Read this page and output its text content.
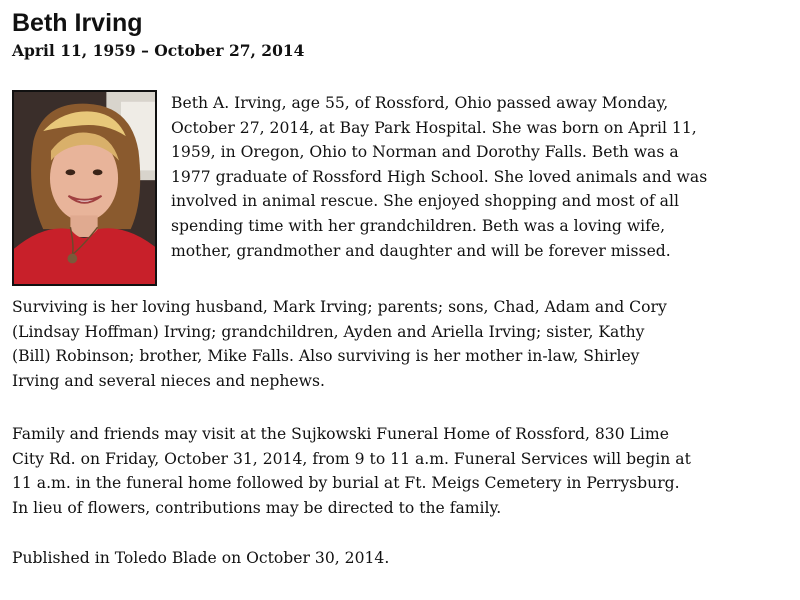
Beth Irving
April 11, 1959 – October 27, 2014
Beth A. Irving, age 55, of Rossford, Ohio passed away Monday,
October 27, 2014, at Bay Park Hospital. She was born on April 11,
1959, in Oregon, Ohio to Norman and Dorothy Falls. Beth was a
1977 graduate of Rossford High School. She loved animals and was
involved in animal rescue. She enjoyed shopping and most of all
spending time with her grandchildren. Beth was a loving wife,
mother, grandmother and daughter and will be forever missed.
Surviving is her loving husband, Mark Irving; parents; sons, Chad, Adam and Cory
(Lindsay Hoffman) Irving; grandchildren, Ayden and Ariella Irving; sister, Kathy
(Bill) Robinson; brother, Mike Falls. Also surviving is her mother in-law, Shirley
Irving and several nieces and nephews.
Family and friends may visit at the Sujkowski Funeral Home of Rossford, 830 Lime
City Rd. on Friday, October 31, 2014, from 9 to 11 a.m. Funeral Services will begin at
11 a.m. in the funeral home followed by burial at Ft. Meigs Cemetery in Perrysburg.
In lieu of flowers, contributions may be directed to the family.
Published in Toledo Blade on October 30, 2014.
